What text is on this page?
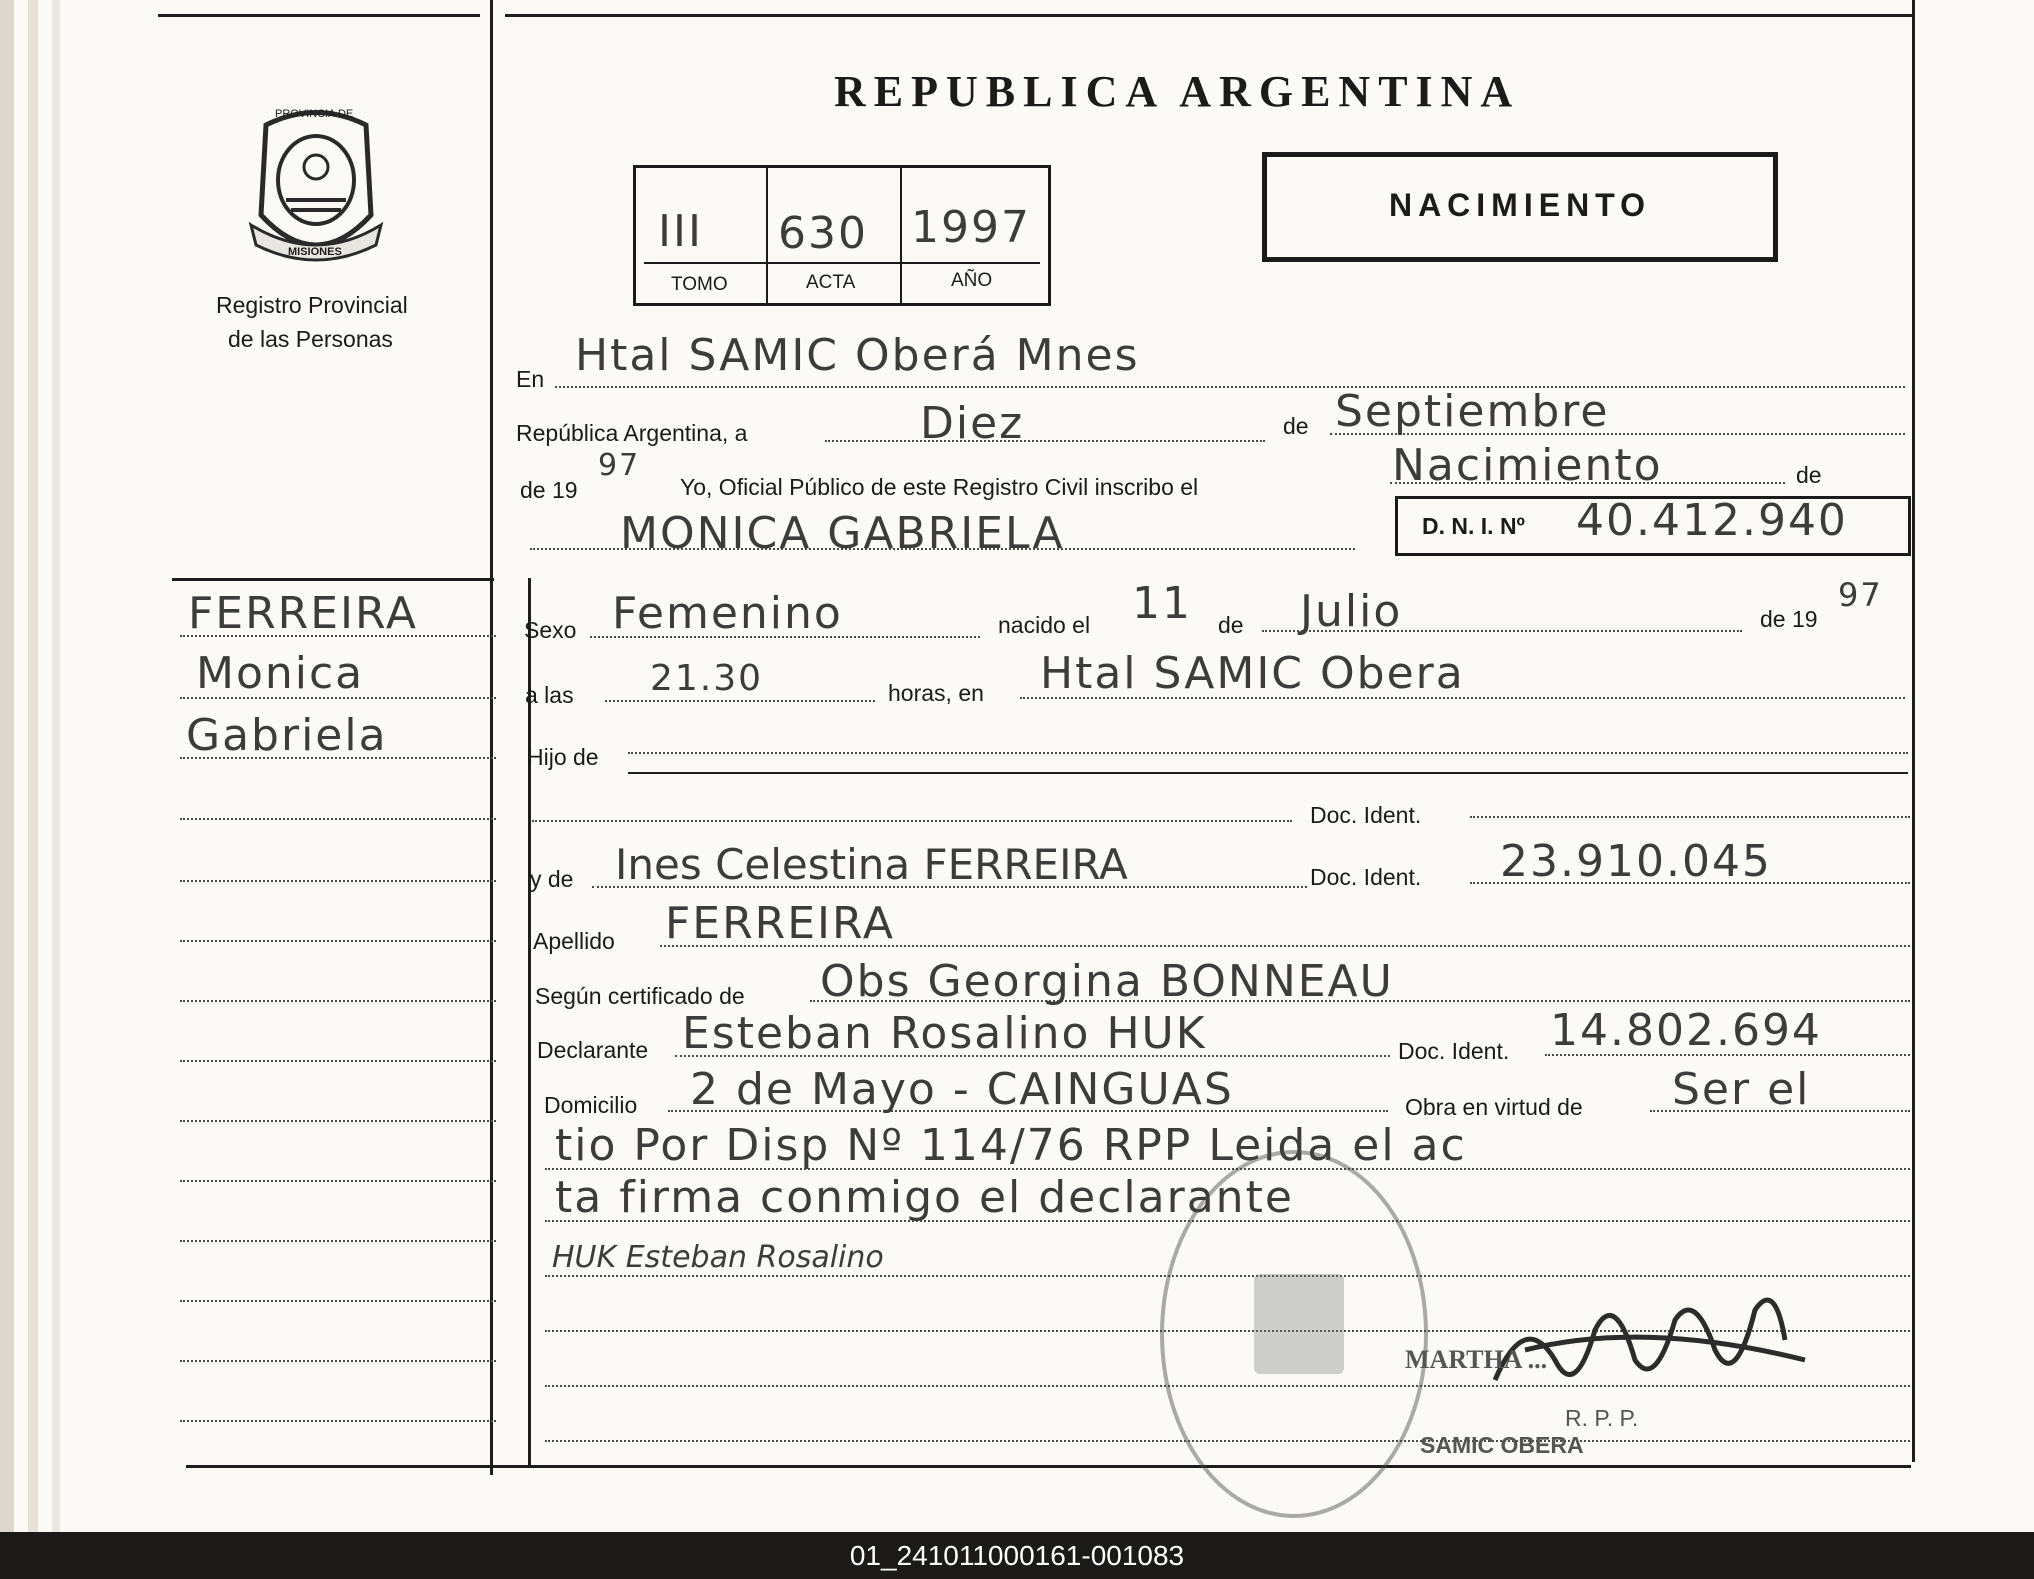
PROVINCIA DE
MISIONES
Registro Provincial
de las Personas
REPUBLICA ARGENTINA
III 630 1997
TOMO	ACTA	AÑO
NACIMIENTO
FERREIRA
Monica
Gabriela
En Htal SAMIC Oberá Mnes
República Argentina, a	Diez	de Septiembre
de 19
97
Yo, Oficial Público de este Registro Civil inscribo el	Nacimiento	de
MONICA GABRIELA	D. N. I. Nº 40.412.940
Sexo Femenino	nacido el 11 de Julio	de 19
97
a las 21.30	horas, en Htal SAMIC Obera
Hijo de
Doc. Ident.
y de Ines Celestina FERREIRA	Doc. Ident. 23.910.045
Apellido FERREIRA
Según certificado de Obs Georgina BONNEAU
Declarante Esteban Rosalino HUK	Doc. Ident. 14.802.694
Domicilio 2 de Mayo - CAINGUAS	Obra en virtud de Ser el
tio Por Disp Nº 114/76 RPP Leida el ac
ta firma conmigo el declarante
HUK Esteban Rosalino
MARTHA ...
R. P. P.
SAMIC OBERA
01_241011000161-001083
